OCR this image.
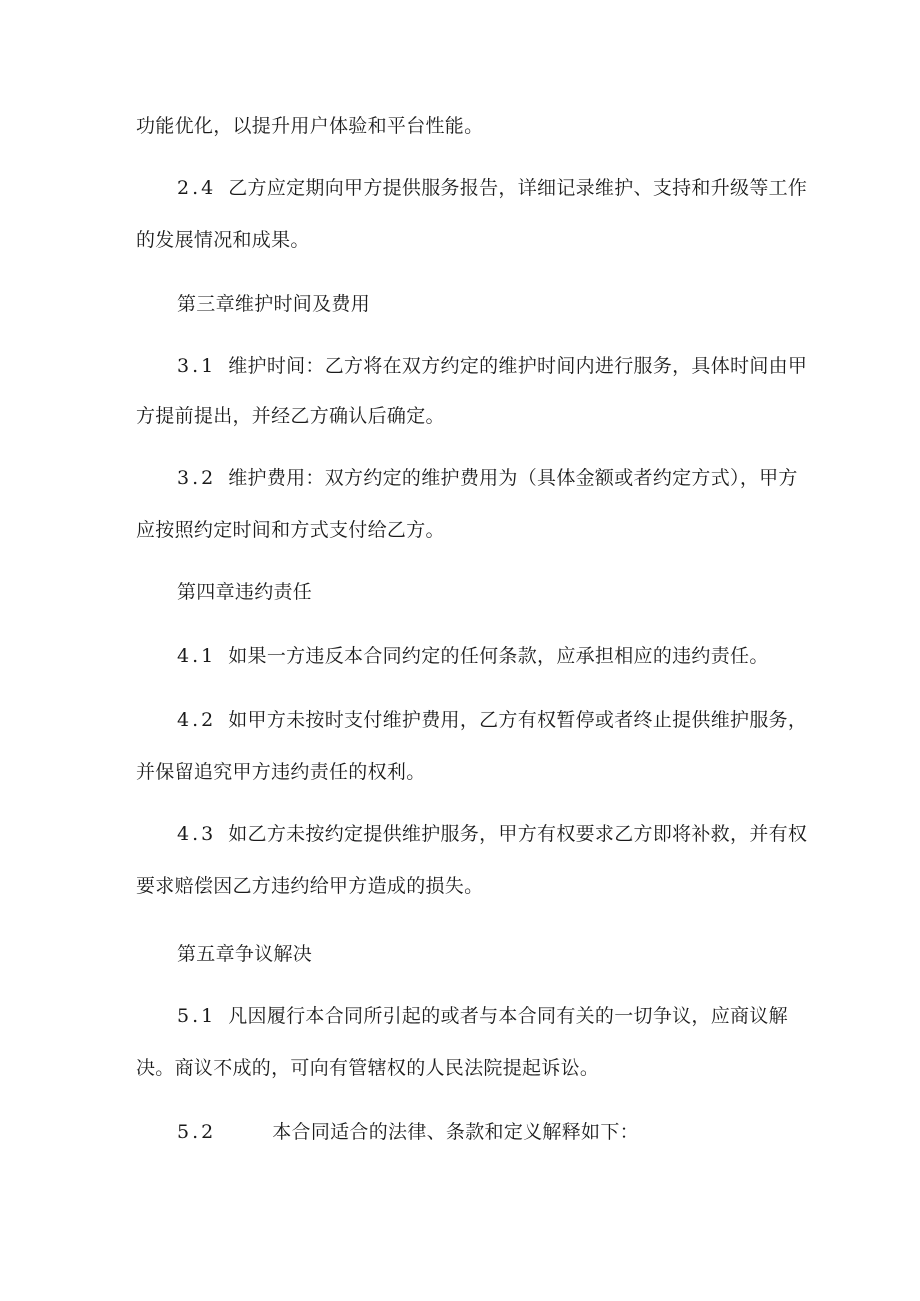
功能优化，以提升用户体验和平台性能。
2.4 乙方应定期向甲方提供服务报告，详细记录维护、支持和升级等工作
的发展情况和成果。
第三章维护时间及费用
3.1 维护时间：乙方将在双方约定的维护时间内进行服务，具体时间由甲
方提前提出，并经乙方确认后确定。
3.2 维护费用：双方约定的维护费用为（具体金额或者约定方式），甲方
应按照约定时间和方式支付给乙方。
第四章违约责任
4.1 如果一方违反本合同约定的任何条款，应承担相应的违约责任。
4.2 如甲方未按时支付维护费用，乙方有权暂停或者终止提供维护服务，
并保留追究甲方违约责任的权利。
4.3 如乙方未按约定提供维护服务，甲方有权要求乙方即将补救，并有权
要求赔偿因乙方违约给甲方造成的损失。
第五章争议解决
5.1 凡因履行本合同所引起的或者与本合同有关的一切争议，应商议解
决。商议不成的，可向有管辖权的人民法院提起诉讼。
5.2	本合同适合的法律、条款和定义解释如下：
